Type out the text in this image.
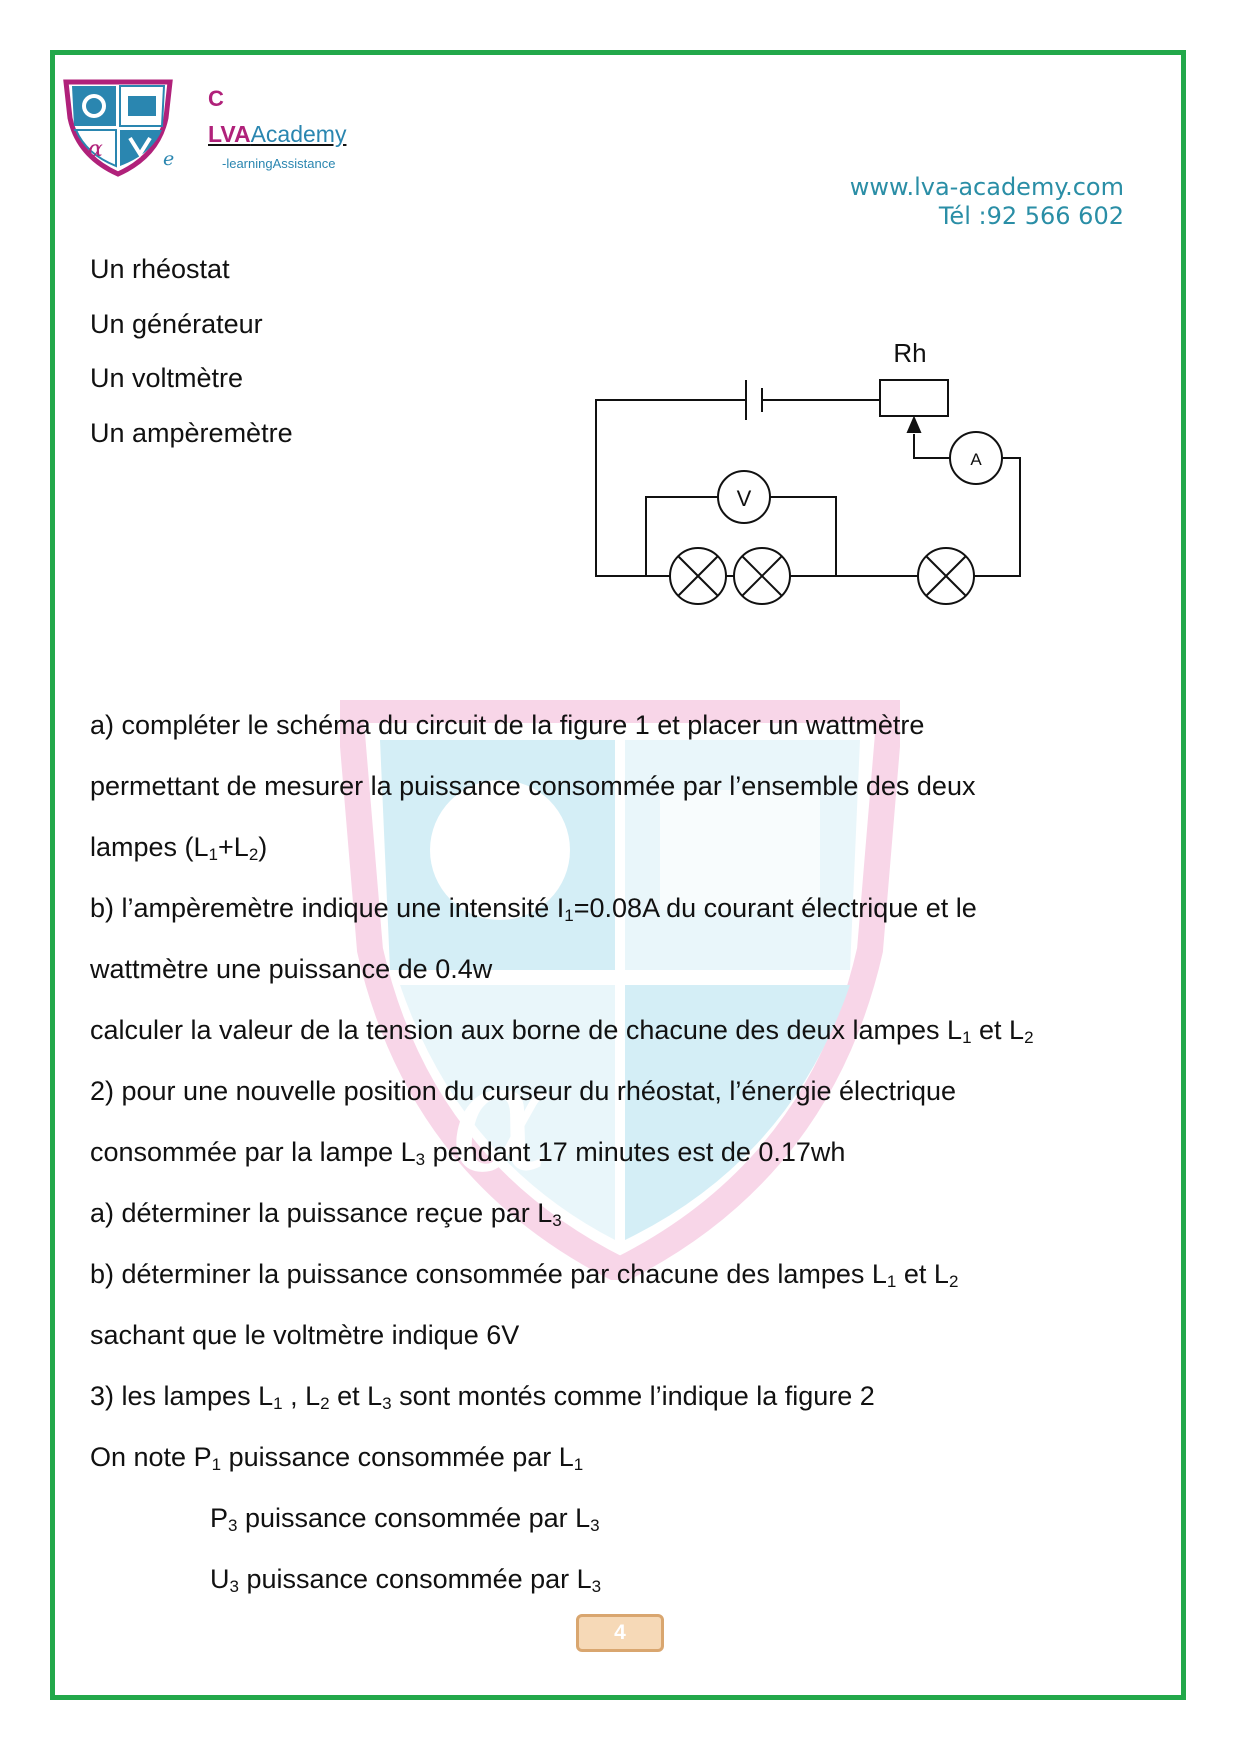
α
C
LVAAcademy
e	-learningAssistance
www.lva-academy.com
Tél :92 566 602
α
Un rhéostat
Un générateur
Un voltmètre
Un ampèremètre
Rh
V
A
a) compléter le schéma du circuit de la figure 1 et placer un wattmètre
permettant de mesurer la puissance consommée par l’ensemble des deux
lampes $(L_1+L_2)$
b) l’ampèremètre indique une intensité $I_1=0.08A$ du courant électrique et le
wattmètre une puissance de 0.4w
calculer la valeur de la tension aux borne de chacune des deux lampes $L_1$ et $L_2$
2) pour une nouvelle position du curseur du rhéostat, l’énergie électrique
consommée par la lampe $L_3$ pendant 17 minutes est de 0.17wh
a) déterminer la puissance reçue par $L_3$
b) déterminer la puissance consommée par chacune des lampes $L_1$ et $L_2$
sachant que le voltmètre indique 6V
3) les lampes $L_1$ , $L_2$ et $L_3$ sont montés comme l’indique la figure 2
On note $P_1$ puissance consommée par $L_1$
$P_3$ puissance consommée par $L_3$
$U_3$ puissance consommée par $L_3$
4
